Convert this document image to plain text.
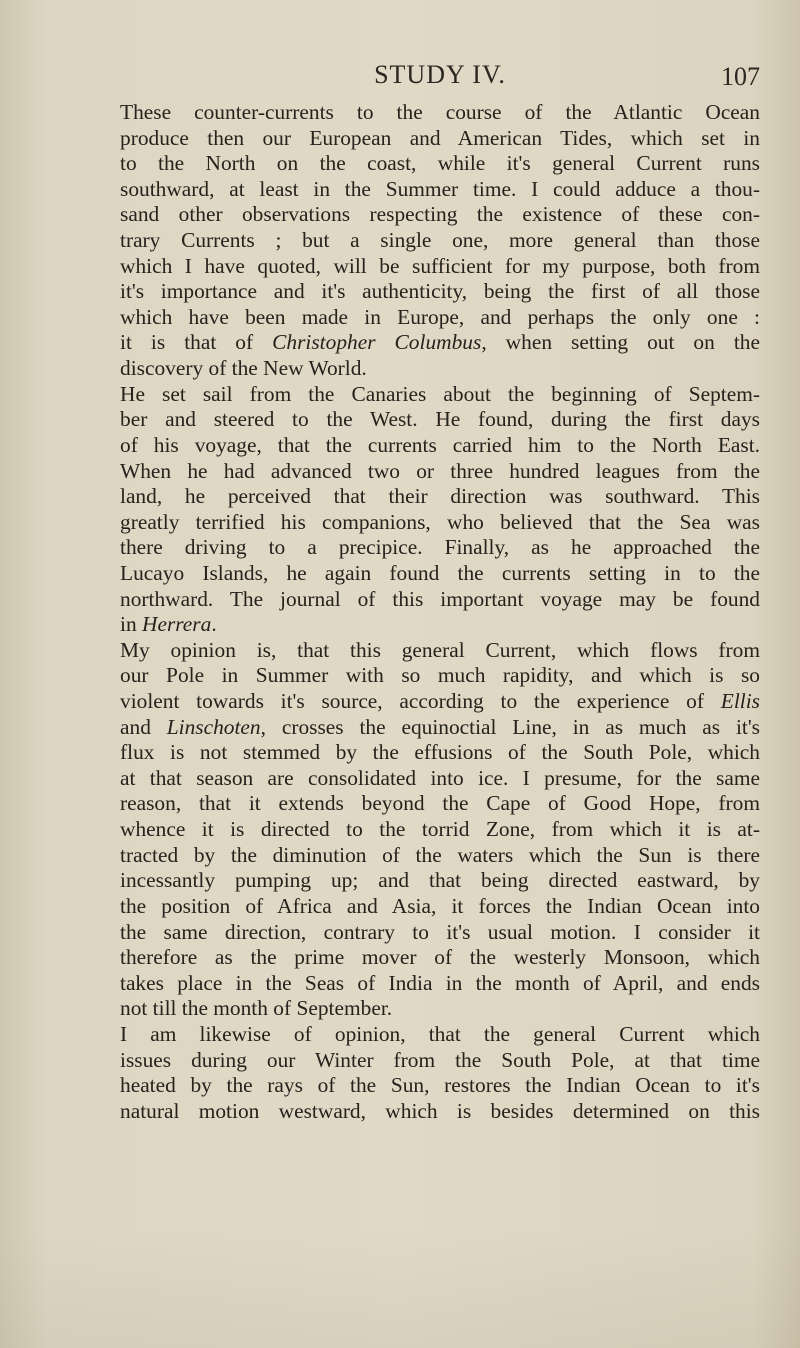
STUDY IV.	107
These counter-currents to the course of the Atlantic Ocean
produce then our European and American Tides, which set in
to the North on the coast, while it's general Current runs
southward, at least in the Summer time. I could adduce a thou-
sand other observations respecting the existence of these con-
trary Currents ; but a single one, more general than those
which I have quoted, will be sufficient for my purpose, both from
it's importance and it's authenticity, being the first of all those
which have been made in Europe, and perhaps the only one :
it is that of Christopher Columbus, when setting out on the
discovery of the New World.
He set sail from the Canaries about the beginning of Septem-
ber and steered to the West. He found, during the first days
of his voyage, that the currents carried him to the North East.
When he had advanced two or three hundred leagues from the
land, he perceived that their direction was southward. This
greatly terrified his companions, who believed that the Sea was
there driving to a precipice. Finally, as he approached the
Lucayo Islands, he again found the currents setting in to the
northward. The journal of this important voyage may be found
in Herrera.
My opinion is, that this general Current, which flows from
our Pole in Summer with so much rapidity, and which is so
violent towards it's source, according to the experience of Ellis
and Linschoten, crosses the equinoctial Line, in as much as it's
flux is not stemmed by the effusions of the South Pole, which
at that season are consolidated into ice. I presume, for the same
reason, that it extends beyond the Cape of Good Hope, from
whence it is directed to the torrid Zone, from which it is at-
tracted by the diminution of the waters which the Sun is there
incessantly pumping up; and that being directed eastward, by
the position of Africa and Asia, it forces the Indian Ocean into
the same direction, contrary to it's usual motion. I consider it
therefore as the prime mover of the westerly Monsoon, which
takes place in the Seas of India in the month of April, and ends
not till the month of September.
I am likewise of opinion, that the general Current which
issues during our Winter from the South Pole, at that time
heated by the rays of the Sun, restores the Indian Ocean to it's
natural motion westward, which is besides determined on this
